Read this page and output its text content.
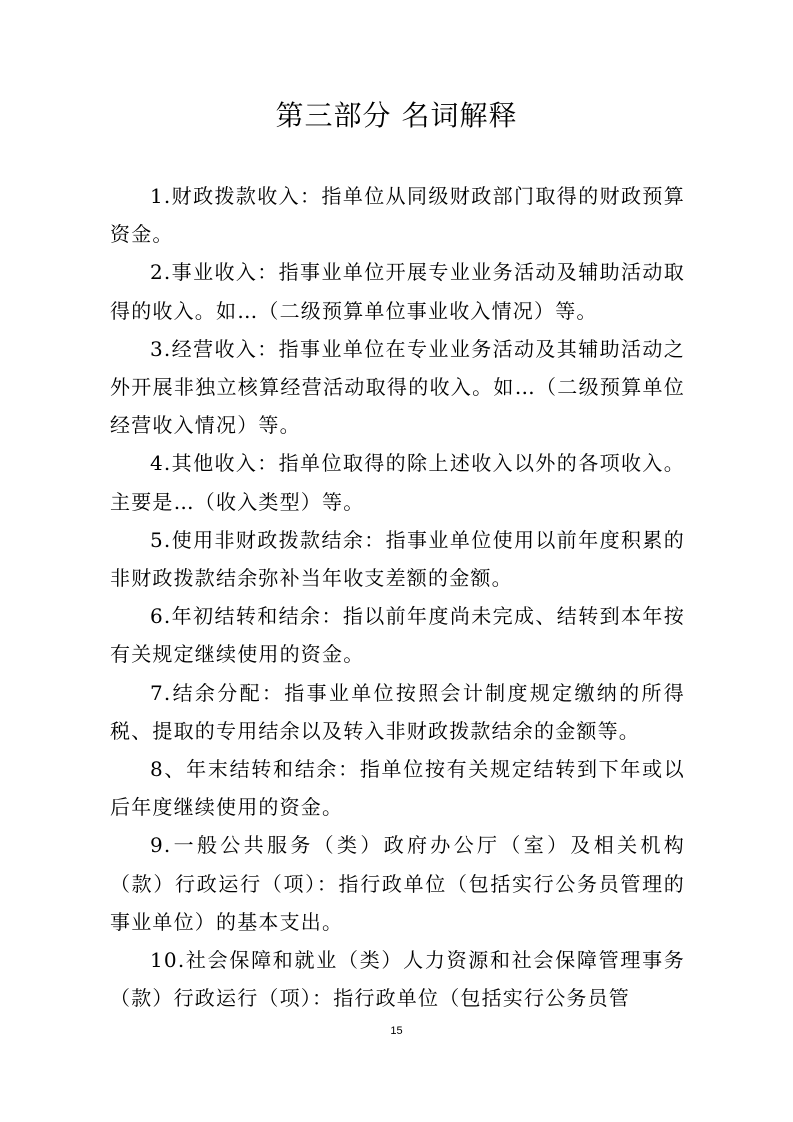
第三部分 名词解释

1.财政拨款收入：指单位从同级财政部门取得的财政预算资金。

2.事业收入：指事业单位开展专业业务活动及辅助活动取得的收入。如…（二级预算单位事业收入情况）等。

3.经营收入：指事业单位在专业业务活动及其辅助活动之外开展非独立核算经营活动取得的收入。如…（二级预算单位经营收入情况）等。

4.其他收入：指单位取得的除上述收入以外的各项收入。主要是…（收入类型）等。

5.使用非财政拨款结余：指事业单位使用以前年度积累的非财政拨款结余弥补当年收支差额的金额。

6.年初结转和结余：指以前年度尚未完成、结转到本年按有关规定继续使用的资金。

7.结余分配：指事业单位按照会计制度规定缴纳的所得税、提取的专用结余以及转入非财政拨款结余的金额等。

8、年末结转和结余：指单位按有关规定结转到下年或以后年度继续使用的资金。

9.一般公共服务（类）政府办公厅（室）及相关机构（款）行政运行（项）：指行政单位（包括实行公务员管理的事业单位）的基本支出。

10.社会保障和就业（类）人力资源和社会保障管理事务（款）行政运行（项）：指行政单位（包括实行公务员管

15
